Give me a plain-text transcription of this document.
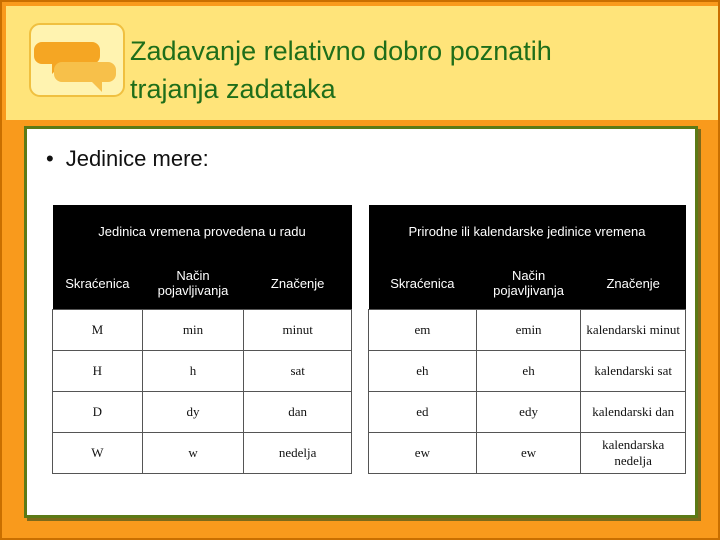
Zadavanje relativno dobro poznatih
trajanja zadataka

• Jedinice mere:

Jedinica vremena provedena u radu		
Skraćenica	Način pojavljivanja	Značenje
M	min	minut
H	h	sat
D	dy	dan
W	w	nedelja
Prirodne ili kalendarske jedinice vremena		
Skraćenica	Način pojavljivanja	Značenje
em	emin	kalendarski minut
eh	eh	kalendarski sat
ed	edy	kalendarski dan
ew	ew	kalendarska nedelja
